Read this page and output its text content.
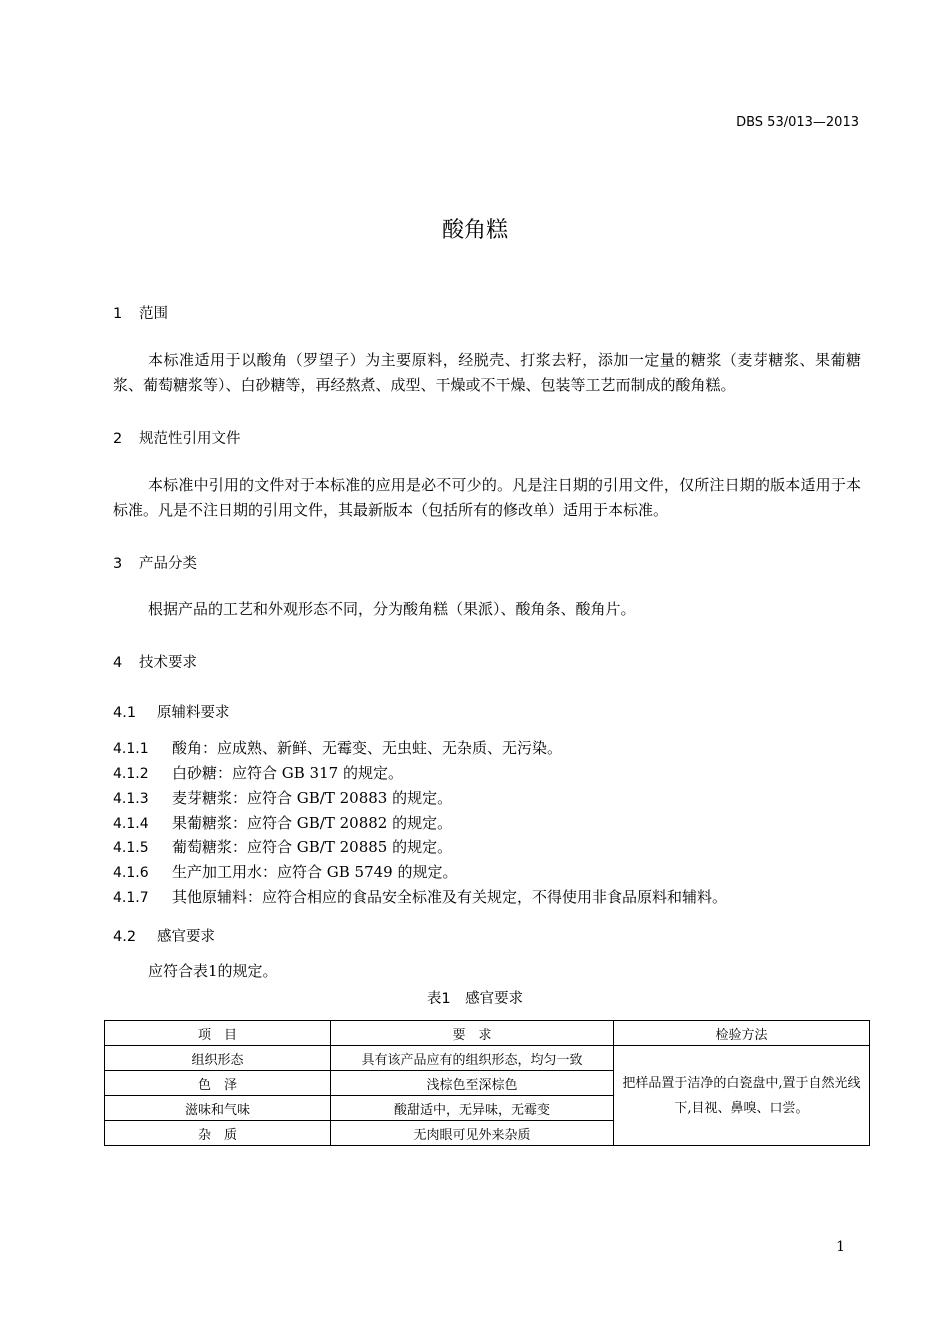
DBS 53/013—2013
酸角糕
1 范围
本标准适用于以酸角（罗望子）为主要原料，经脱壳、打浆去籽，添加一定量的糖浆（麦芽糖浆、果葡糖浆、葡萄糖浆等）、白砂糖等，再经熬煮、成型、干燥或不干燥、包装等工艺而制成的酸角糕。
2 规范性引用文件
本标准中引用的文件对于本标准的应用是必不可少的。凡是注日期的引用文件，仅所注日期的版本适用于本标准。凡是不注日期的引用文件，其最新版本（包括所有的修改单）适用于本标准。
3 产品分类
根据产品的工艺和外观形态不同，分为酸角糕（果派）、酸角条、酸角片。
4 技术要求
4.1 原辅料要求
4.1.1 酸角：应成熟、新鲜、无霉变、无虫蛀、无杂质、无污染。
4.1.2 白砂糖：应符合 GB 317 的规定。
4.1.3 麦芽糖浆：应符合 GB/T 20883 的规定。
4.1.4 果葡糖浆：应符合 GB/T 20882 的规定。
4.1.5 葡萄糖浆：应符合 GB/T 20885 的规定。
4.1.6 生产加工用水：应符合 GB 5749 的规定。
4.1.7 其他原辅料：应符合相应的食品安全标准及有关规定，不得使用非食品原料和辅料。
4.2 感官要求
应符合表1的规定。
表1　感官要求
项　目	要　求	检验方法
组织形态	具有该产品应有的组织形态，均匀一致	把样品置于洁净的白瓷盘中,置于自然光线下,目视、鼻嗅、口尝。
色　泽	浅棕色至深棕色	
滋味和气味	酸甜适中，无异味，无霉变	
杂　质	无肉眼可见外来杂质	
1
